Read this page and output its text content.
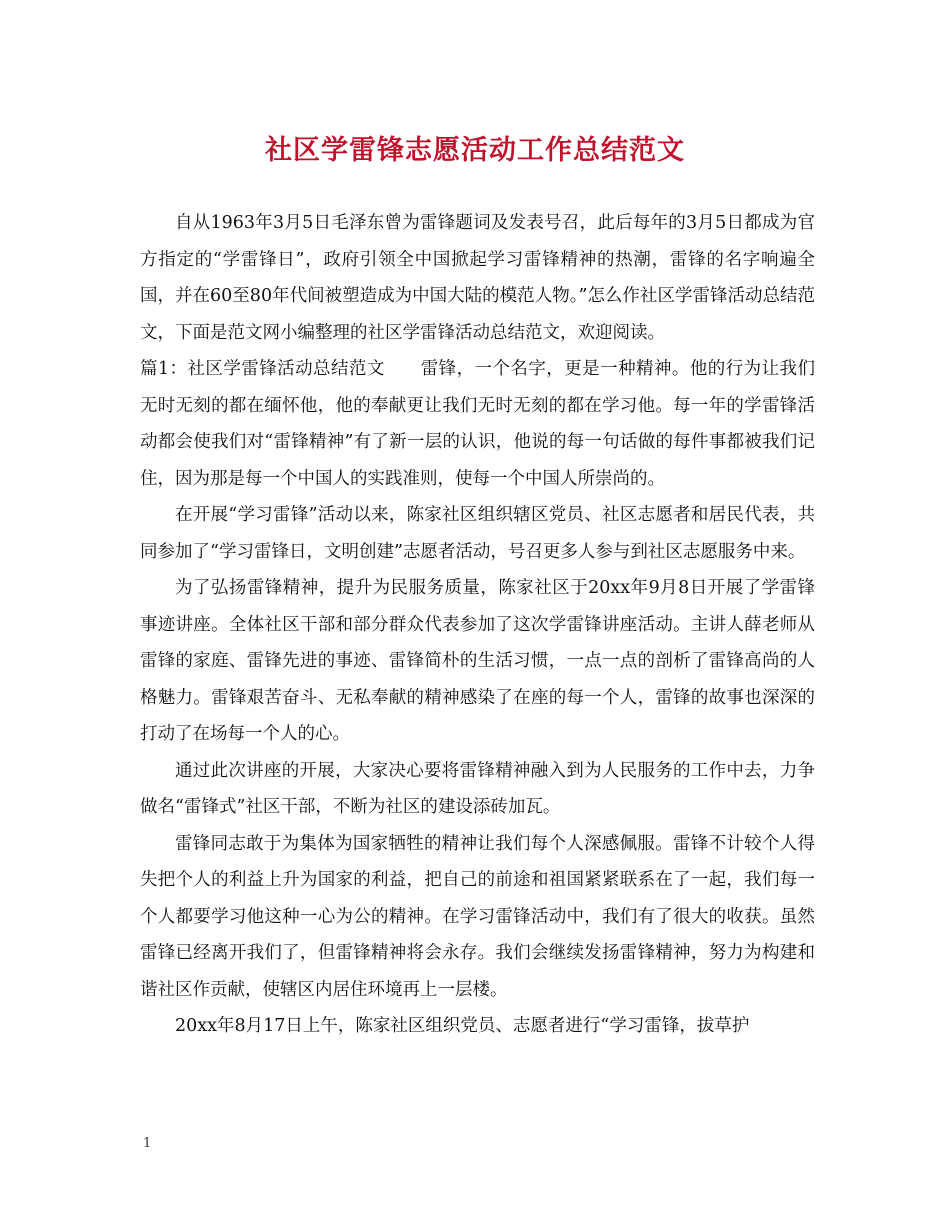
社区学雷锋志愿活动工作总结范文

自从1963年3月5日毛泽东曾为雷锋题词及发表号召，此后每年的3月5日都成为官方指定的“学雷锋日”，政府引领全中国掀起学习雷锋精神的热潮，雷锋的名字响遍全国，并在60至80年代间被塑造成为中国大陆的模范人物。”怎么作社区学雷锋活动总结范文，下面是范文网小编整理的社区学雷锋活动总结范文，欢迎阅读。

篇1：社区学雷锋活动总结范文　　雷锋，一个名字，更是一种精神。他的行为让我们无时无刻的都在缅怀他，他的奉献更让我们无时无刻的都在学习他。每一年的学雷锋活动都会使我们对“雷锋精神”有了新一层的认识，他说的每一句话做的每件事都被我们记住，因为那是每一个中国人的实践准则，使每一个中国人所崇尚的。

在开展“学习雷锋”活动以来，陈家社区组织辖区党员、社区志愿者和居民代表，共同参加了“学习雷锋日，文明创建”志愿者活动，号召更多人参与到社区志愿服务中来。

为了弘扬雷锋精神，提升为民服务质量，陈家社区于20xx年9月8日开展了学雷锋事迹讲座。全体社区干部和部分群众代表参加了这次学雷锋讲座活动。主讲人薛老师从雷锋的家庭、雷锋先进的事迹、雷锋简朴的生活习惯，一点一点的剖析了雷锋高尚的人格魅力。雷锋艰苦奋斗、无私奉献的精神感染了在座的每一个人，雷锋的故事也深深的打动了在场每一个人的心。

通过此次讲座的开展，大家决心要将雷锋精神融入到为人民服务的工作中去，力争做名“雷锋式”社区干部，不断为社区的建设添砖加瓦。

雷锋同志敢于为集体为国家牺牲的精神让我们每个人深感佩服。雷锋不计较个人得失把个人的利益上升为国家的利益，把自己的前途和祖国紧紧联系在了一起，我们每一个人都要学习他这种一心为公的精神。在学习雷锋活动中，我们有了很大的收获。虽然雷锋已经离开我们了，但雷锋精神将会永存。我们会继续发扬雷锋精神，努力为构建和谐社区作贡献，使辖区内居住环境再上一层楼。

20xx年8月17日上午，陈家社区组织党员、志愿者进行“学习雷锋，拔草护

1
